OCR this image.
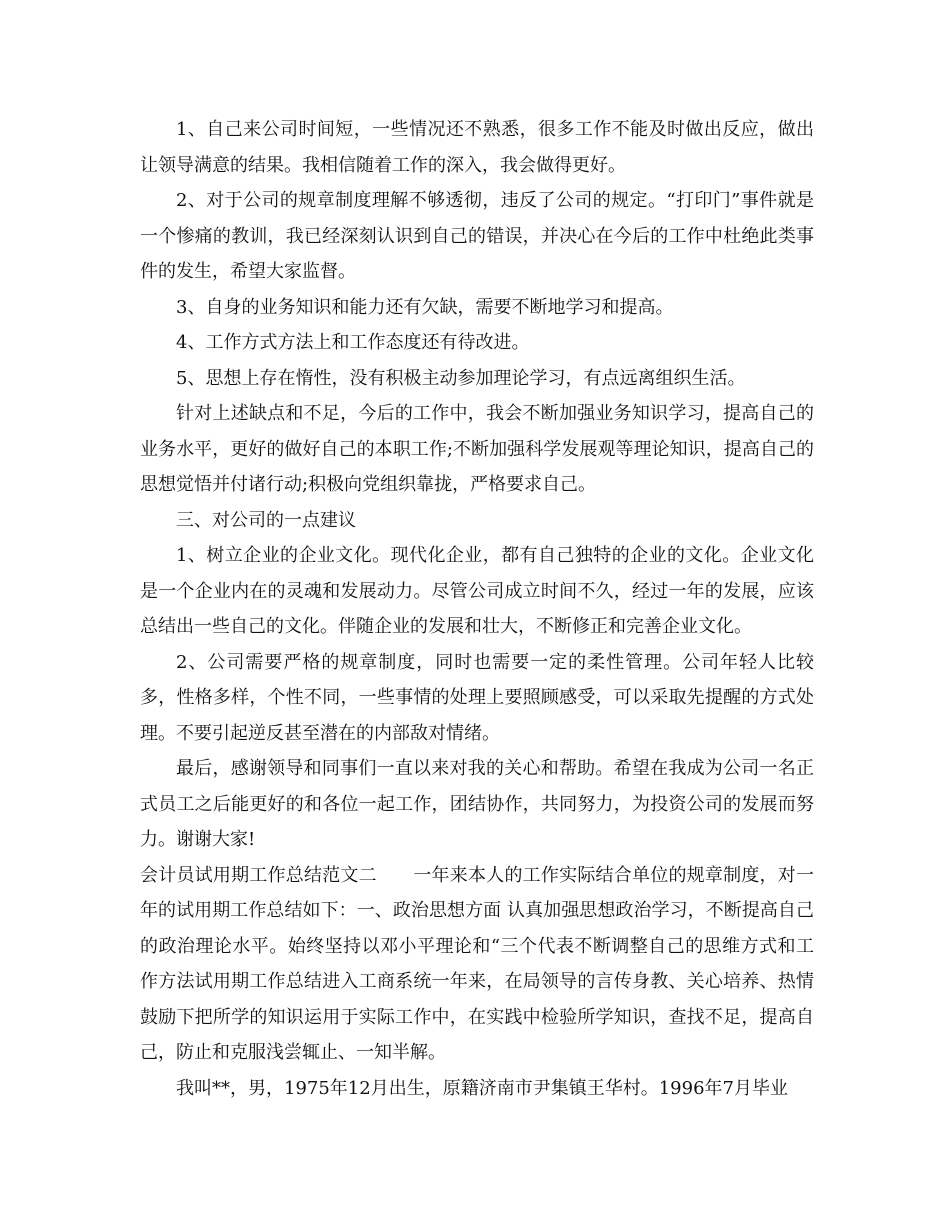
1、自己来公司时间短，一些情况还不熟悉，很多工作不能及时做出反应，做出让领导满意的结果。我相信随着工作的深入，我会做得更好。

2、对于公司的规章制度理解不够透彻，违反了公司的规定。“打印门”事件就是一个惨痛的教训，我已经深刻认识到自己的错误，并决心在今后的工作中杜绝此类事件的发生，希望大家监督。

3、自身的业务知识和能力还有欠缺，需要不断地学习和提高。

4、工作方式方法上和工作态度还有待改进。

5、思想上存在惰性，没有积极主动参加理论学习，有点远离组织生活。

针对上述缺点和不足，今后的工作中，我会不断加强业务知识学习，提高自己的业务水平，更好的做好自己的本职工作;不断加强科学发展观等理论知识，提高自己的思想觉悟并付诸行动;积极向党组织靠拢，严格要求自己。

三、对公司的一点建议

1、树立企业的企业文化。现代化企业，都有自己独特的企业的文化。企业文化是一个企业内在的灵魂和发展动力。尽管公司成立时间不久，经过一年的发展，应该总结出一些自己的文化。伴随企业的发展和壮大，不断修正和完善企业文化。

2、公司需要严格的规章制度，同时也需要一定的柔性管理。公司年轻人比较多，性格多样，个性不同，一些事情的处理上要照顾感受，可以采取先提醒的方式处理。不要引起逆反甚至潜在的内部敌对情绪。

最后，感谢领导和同事们一直以来对我的关心和帮助。希望在我成为公司一名正式员工之后能更好的和各位一起工作，团结协作，共同努力，为投资公司的发展而努力。谢谢大家!

会计员试用期工作总结范文二　　一年来本人的工作实际结合单位的规章制度，对一年的试用期工作总结如下：一、政治思想方面 认真加强思想政治学习，不断提高自己的政治理论水平。始终坚持以邓小平理论和“三个代表不断调整自己的思维方式和工作方法试用期工作总结进入工商系统一年来，在局领导的言传身教、关心培养、热情鼓励下把所学的知识运用于实际工作中，在实践中检验所学知识，查找不足，提高自己，防止和克服浅尝辄止、一知半解。

我叫**，男，1975年12月出生，原籍济南市尹集镇王华村。1996年7月毕业
